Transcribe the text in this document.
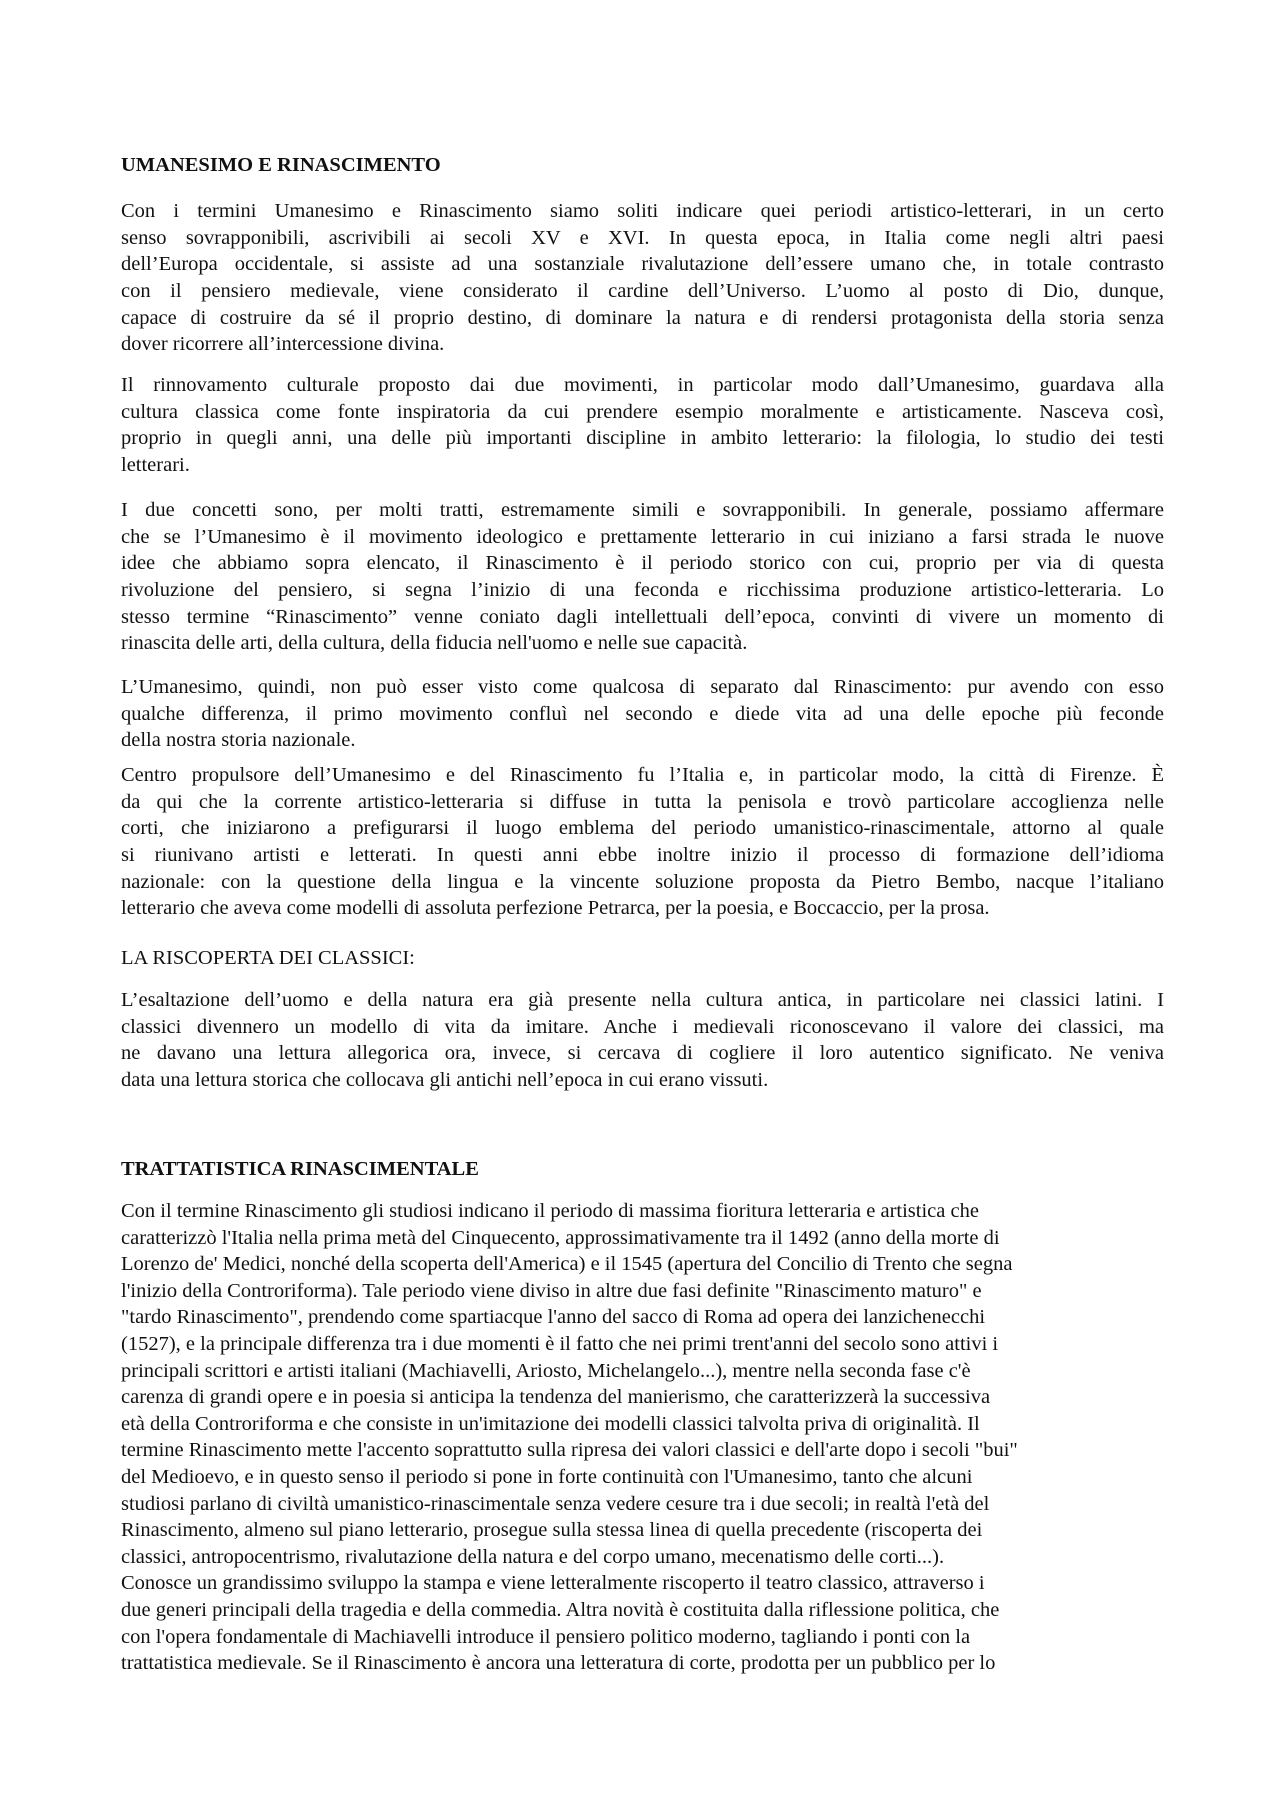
UMANESIMO E RINASCIMENTO
Con i termini Umanesimo e Rinascimento siamo soliti indicare quei periodi artistico-letterari, in un certo
senso sovrapponibili, ascrivibili ai secoli XV e XVI. In questa epoca, in Italia come negli altri paesi
dell’Europa occidentale, si assiste ad una sostanziale rivalutazione dell’essere umano che, in totale contrasto
con il pensiero medievale, viene considerato il cardine dell’Universo. L’uomo al posto di Dio, dunque,
capace di costruire da sé il proprio destino, di dominare la natura e di rendersi protagonista della storia senza
dover ricorrere all’intercessione divina.
Il rinnovamento culturale proposto dai due movimenti, in particolar modo dall’Umanesimo, guardava alla
cultura classica come fonte inspiratoria da cui prendere esempio moralmente e artisticamente. Nasceva così,
proprio in quegli anni, una delle più importanti discipline in ambito letterario: la filologia, lo studio dei testi
letterari.
I due concetti sono, per molti tratti, estremamente simili e sovrapponibili. In generale, possiamo affermare
che se l’Umanesimo è il movimento ideologico e prettamente letterario in cui iniziano a farsi strada le nuove
idee che abbiamo sopra elencato, il Rinascimento è il periodo storico con cui, proprio per via di questa
rivoluzione del pensiero, si segna l’inizio di una feconda e ricchissima produzione artistico-letteraria. Lo
stesso termine “Rinascimento” venne coniato dagli intellettuali dell’epoca, convinti di vivere un momento di
rinascita delle arti, della cultura, della fiducia nell'uomo e nelle sue capacità.
L’Umanesimo, quindi, non può esser visto come qualcosa di separato dal Rinascimento: pur avendo con esso
qualche differenza, il primo movimento confluì nel secondo e diede vita ad una delle epoche più feconde
della nostra storia nazionale.
Centro propulsore dell’Umanesimo e del Rinascimento fu l’Italia e, in particolar modo, la città di Firenze. È
da qui che la corrente artistico-letteraria si diffuse in tutta la penisola e trovò particolare accoglienza nelle
corti, che iniziarono a prefigurarsi il luogo emblema del periodo umanistico-rinascimentale, attorno al quale
si riunivano artisti e letterati. In questi anni ebbe inoltre inizio il processo di formazione dell’idioma
nazionale: con la questione della lingua e la vincente soluzione proposta da Pietro Bembo, nacque l’italiano
letterario che aveva come modelli di assoluta perfezione Petrarca, per la poesia, e Boccaccio, per la prosa.
LA RISCOPERTA DEI CLASSICI:
L’esaltazione dell’uomo e della natura era già presente nella cultura antica, in particolare nei classici latini. I
classici divennero un modello di vita da imitare. Anche i medievali riconoscevano il valore dei classici, ma
ne davano una lettura allegorica ora, invece, si cercava di cogliere il loro autentico significato. Ne veniva
data una lettura storica che collocava gli antichi nell’epoca in cui erano vissuti.
TRATTATISTICA RINASCIMENTALE
Con il termine Rinascimento gli studiosi indicano il periodo di massima fioritura letteraria e artistica che
caratterizzò l'Italia nella prima metà del Cinquecento, approssimativamente tra il 1492 (anno della morte di
Lorenzo de' Medici, nonché della scoperta dell'America) e il 1545 (apertura del Concilio di Trento che segna
l'inizio della Controriforma). Tale periodo viene diviso in altre due fasi definite "Rinascimento maturo" e
"tardo Rinascimento", prendendo come spartiacque l'anno del sacco di Roma ad opera dei lanzichenecchi
(1527), e la principale differenza tra i due momenti è il fatto che nei primi trent'anni del secolo sono attivi i
principali scrittori e artisti italiani (Machiavelli, Ariosto, Michelangelo...), mentre nella seconda fase c'è
carenza di grandi opere e in poesia si anticipa la tendenza del manierismo, che caratterizzerà la successiva
età della Controriforma e che consiste in un'imitazione dei modelli classici talvolta priva di originalità. Il
termine Rinascimento mette l'accento soprattutto sulla ripresa dei valori classici e dell'arte dopo i secoli "bui"
del Medioevo, e in questo senso il periodo si pone in forte continuità con l'Umanesimo, tanto che alcuni
studiosi parlano di civiltà umanistico-rinascimentale senza vedere cesure tra i due secoli; in realtà l'età del
Rinascimento, almeno sul piano letterario, prosegue sulla stessa linea di quella precedente (riscoperta dei
classici, antropocentrismo, rivalutazione della natura e del corpo umano, mecenatismo delle corti...).
Conosce un grandissimo sviluppo la stampa e viene letteralmente riscoperto il teatro classico, attraverso i
due generi principali della tragedia e della commedia. Altra novità è costituita dalla riflessione politica, che
con l'opera fondamentale di Machiavelli introduce il pensiero politico moderno, tagliando i ponti con la
trattatistica medievale. Se il Rinascimento è ancora una letteratura di corte, prodotta per un pubblico per lo
